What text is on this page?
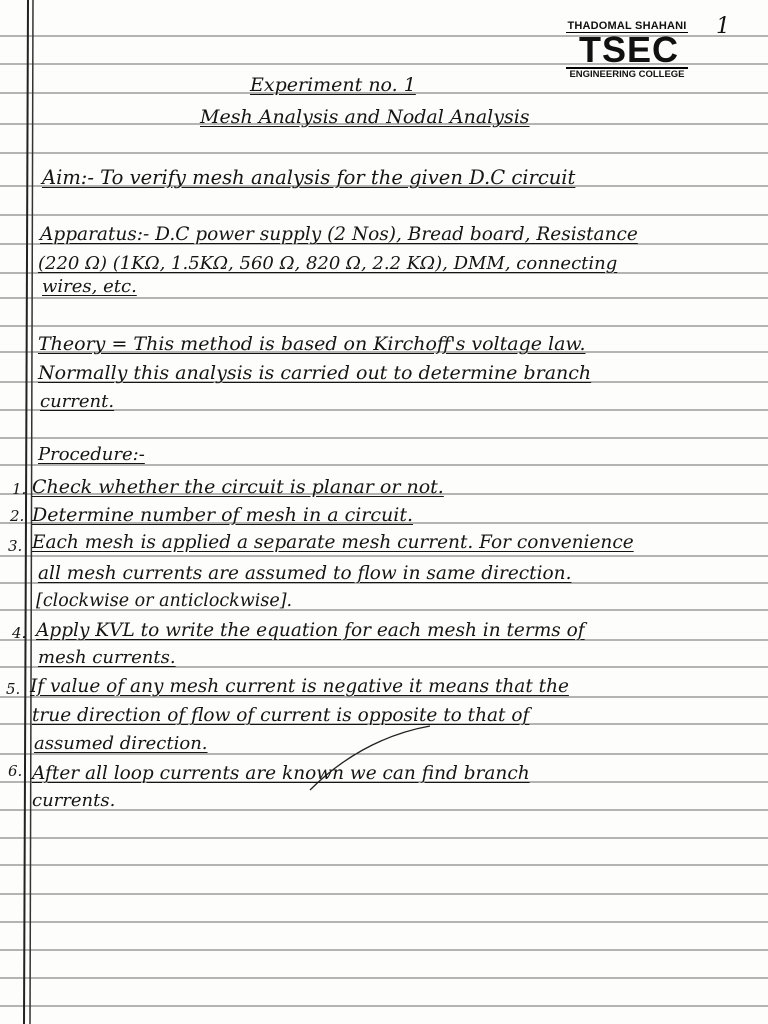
1
THADOMAL SHAHANI
TSEC
ENGINEERING COLLEGE
Experiment no. 1
Mesh Analysis and Nodal Analysis
Aim:- To verify mesh analysis for the given D.C circuit
Apparatus:- D.C power supply (2 Nos), Bread board, Resistance
(220 Ω) (1KΩ, 1.5KΩ, 560 Ω, 820 Ω, 2.2 KΩ), DMM, connecting
wires, etc.
Theory = This method is based on Kirchoff's voltage law.
Normally this analysis is carried out to determine branch
current.
Procedure:-
1. Check whether the circuit is planar or not.
2. Determine number of mesh in a circuit.
3. Each mesh is applied a separate mesh current. For convenience
all mesh currents are assumed to flow in same direction.
[clockwise or anticlockwise].
4. Apply KVL to write the equation for each mesh in terms of
mesh currents.
5. If value of any mesh current is negative it means that the
true direction of flow of current is opposite to that of
assumed direction.
6. After all loop currents are known we can find branch
currents.
